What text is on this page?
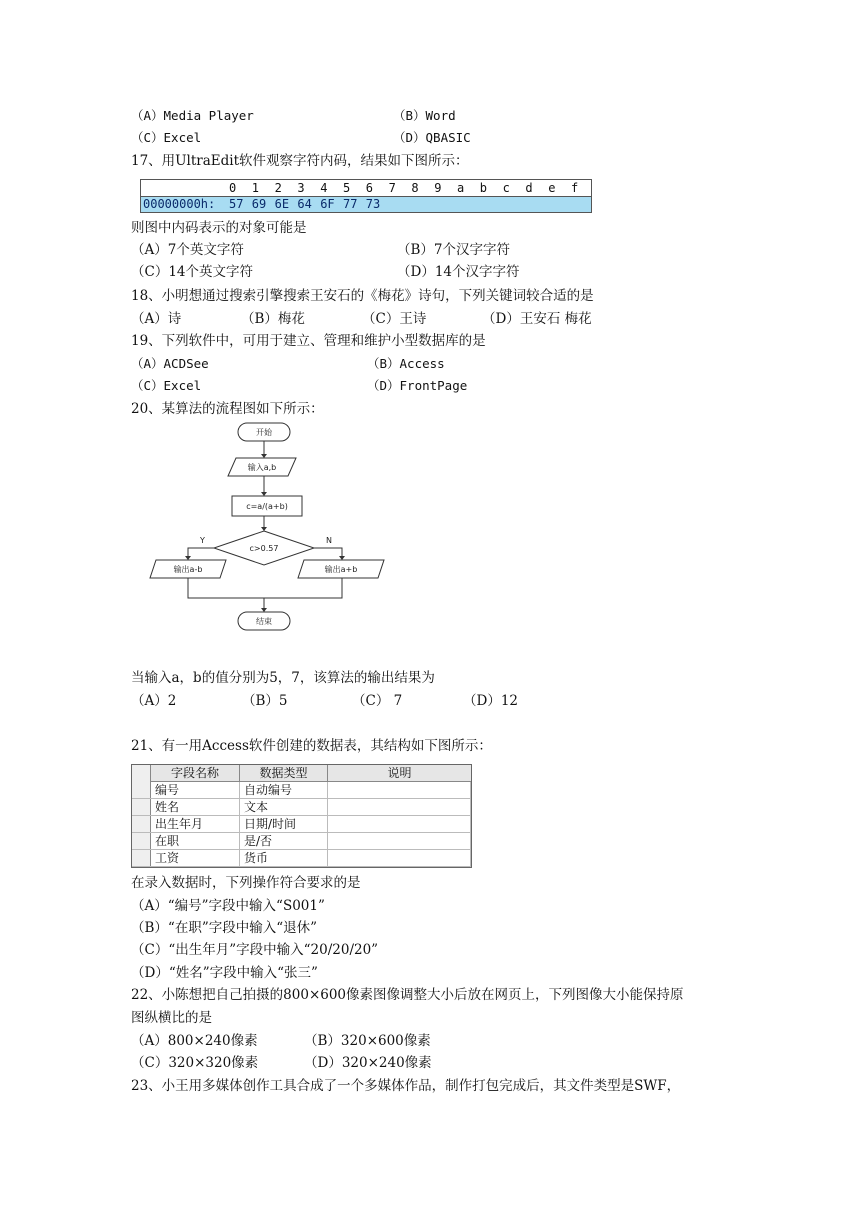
（A）Media Player	（B）Word
（C）Excel	（D）QBASIC
17、用UltraEdit软件观察字符内码，结果如下图所示：
0 1 2 3 4 5 6 7 8 9 a b c d e f
00000000h: 57 69 6E 64 6F 77 73
则图中内码表示的对象可能是
（A）7个英文字符	（B）7个汉字字符
（C）14个英文字符	（D）14个汉字字符
18、小明想通过搜索引擎搜索王安石的《梅花》诗句，下列关键词较合适的是
（A）诗	（B）梅花	（C）王诗	（D）王安石 梅花
19、下列软件中，可用于建立、管理和维护小型数据库的是
（A）ACDSee	（B）Access
（C）Excel	（D）FrontPage
20、某算法的流程图如下所示：
开始
输入a,b
c=a/(a+b)
c>0.57
Y	N
输出a-b	输出a+b
结束
当输入a，b的值分别为5，7，该算法的输出结果为
（A）2	（B）5	（C） 7	（D）12
21、有一用Access软件创建的数据表，其结构如下图所示：
字段名称	数据类型	说明
编号	自动编号
姓名	文本
出生年月	日期/时间
在职	是/否
工资	货币
在录入数据时，下列操作符合要求的是
（A）“编号”字段中输入“S001”
（B）“在职”字段中输入“退休”
（C）“出生年月”字段中输入“20/20/20”
（D）“姓名”字段中输入“张三”
22、小陈想把自己拍摄的800×600像素图像调整大小后放在网页上，下列图像大小能保持原
图纵横比的是
（A）800×240像素	（B）320×600像素
（C）320×320像素	（D）320×240像素
23、小王用多媒体创作工具合成了一个多媒体作品，制作打包完成后，其文件类型是SWF，
